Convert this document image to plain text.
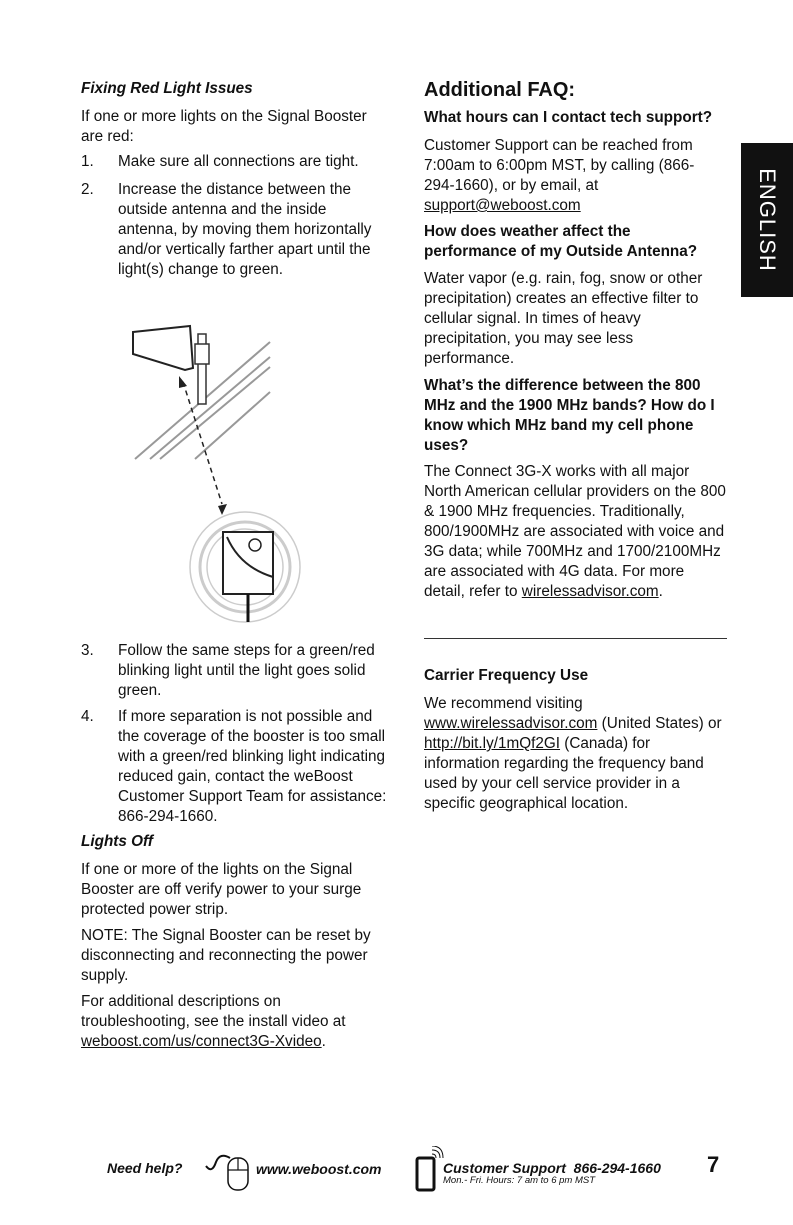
Fixing Red Light Issues

If one or more lights on the Signal Booster are red:

1. Make sure all connections are tight.
2. Increase the distance between the outside antenna and the inside antenna, by moving them horizontally and/or vertically farther apart until the light(s) change to green.
3. Follow the same steps for a green/red blinking light until the light goes solid green.
4. If more separation is not possible and the coverage of the booster is too small with a green/red blinking light indicating reduced gain, contact the weBoost Customer Support Team for assistance: 866-294-1660.

Lights Off

If one or more of the lights on the Signal Booster are off verify power to your surge protected power strip.

NOTE: The Signal Booster can be reset by disconnecting and reconnecting the power supply.

For additional descriptions on troubleshooting, see the install video at weboost.com/us/connect3G-Xvideo.

Additional FAQ:

What hours can I contact tech support?

Customer Support can be reached from 7:00am to 6:00pm MST, by calling (866-294-1660), or by email, at support@weboost.com

How does weather affect the performance of my Outside Antenna?

Water vapor (e.g. rain, fog, snow or other precipitation) creates an effective filter to cellular signal. In times of heavy precipitation, you may see less performance.

What’s the difference between the 800 MHz and the 1900 MHz bands? How do I know which MHz band my cell phone uses?

The Connect 3G-X works with all major North American cellular providers on the 800 & 1900 MHz frequencies. Traditionally, 800/1900MHz are associated with voice and 3G data; while 700MHz and 1700/2100MHz are associated with 4G data. For more detail, refer to wirelessadvisor.com.

Carrier Frequency Use

We recommend visiting www.wirelessadvisor.com (United States) or http://bit.ly/1mQf2GI (Canada) for information regarding the frequency band used by your cell service provider in a specific geographical location.

ENGLISH
Need help?	www.weboost.com	Customer Support  866-294-1660
Mon.- Fri. Hours: 7 am to 6 pm MST
7
